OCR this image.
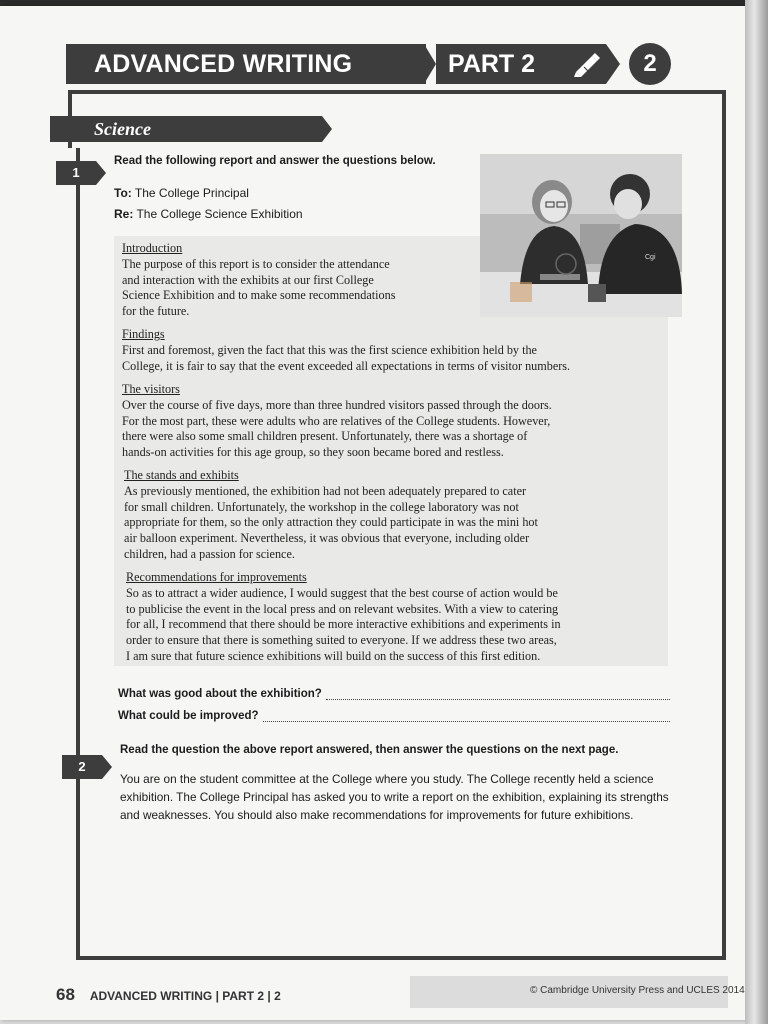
ADVANCED WRITING	PART 2	2
Science
1
Read the following report and answer the questions below.
To: The College Principal
Re: The College Science Exhibition
Cgi
Introduction
The purpose of this report is to consider the attendance
and interaction with the exhibits at our first College
Science Exhibition and to make some recommendations
for the future.
Findings
First and foremost, given the fact that this was the first science exhibition held by the
College, it is fair to say that the event exceeded all expectations in terms of visitor numbers.
The visitors
Over the course of five days, more than three hundred visitors passed through the doors.
For the most part, these were adults who are relatives of the College students. However,
there were also some small children present. Unfortunately, there was a shortage of
hands-on activities for this age group, so they soon became bored and restless.
The stands and exhibits
As previously mentioned, the exhibition had not been adequately prepared to cater
for small children. Unfortunately, the workshop in the college laboratory was not
appropriate for them, so the only attraction they could participate in was the mini hot
air balloon experiment. Nevertheless, it was obvious that everyone, including older
children, had a passion for science.
Recommendations for improvements
So as to attract a wider audience, I would suggest that the best course of action would be
to publicise the event in the local press and on relevant websites. With a view to catering
for all, I recommend that there should be more interactive exhibitions and experiments in
order to ensure that there is something suited to everyone. If we address these two areas,
I am sure that future science exhibitions will build on the success of this first edition.
What was good about the exhibition?
What could be improved?
2
Read the question the above report answered, then answer the questions on the next page.
You are on the student committee at the College where you study. The College recently held a science exhibition. The College Principal has asked you to write a report on the exhibition, explaining its strengths and weaknesses. You should also make recommendations for improvements for future exhibitions.
68 ADVANCED WRITING | PART 2 | 2	© Cambridge University Press and UCLES 2014
